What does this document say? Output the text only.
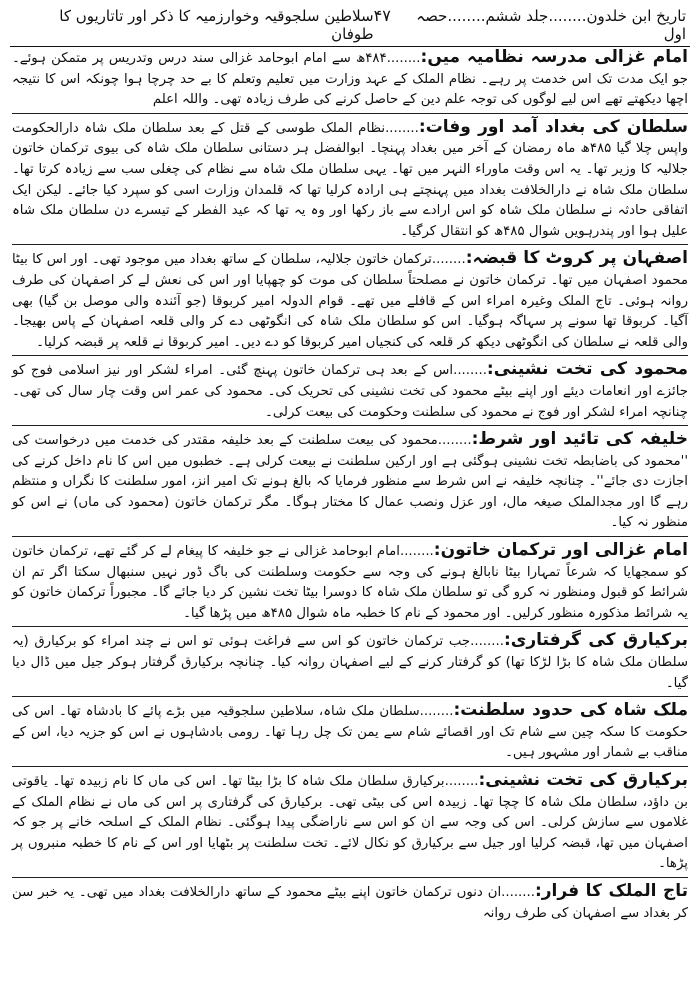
تاریخ ابن خلدون........جلد ششم........حصہ اول
۴۷
سلاطین سلجوقیہ وخوارزمیہ کا ذکر اور تاتاریوں کا طوفان

امام غزالی مدرسہ نظامیہ میں:........۴۸۴ھ سے امام ابوحامد غزالی سند درس وتدریس پر متمکن ہوئے۔ جو ایک مدت تک اس خدمت پر رہے۔ نظام الملک کے عہد وزارت میں تعلیم وتعلم کا بے حد چرچا ہوا چونکہ اس کا نتیجہ اچھا دیکھتے تھے اس لیے لوگوں کی توجہ علم دین کے حاصل کرنے کی طرف زیادہ تھی۔ واللہ اعلم

سلطان کی بغداد آمد اور وفات:........نظام الملک طوسی کے قتل کے بعد سلطان ملک شاہ دارالحکومت واپس چلا گیا ۴۸۵ھ ماہ رمضان کے آخر میں بغداد پہنچا۔ ابوالفضل ہر دستانی سلطان ملک شاہ کی بیوی ترکمان خاتون جلالیہ کا وزیر تھا۔ یہ اس وقت ماوراء النہر میں تھا۔ یہی سلطان ملک شاہ سے نظام کی چغلی سب سے زیادہ کرتا تھا۔ سلطان ملک شاہ نے دارالخلافت بغداد میں پہنچتے ہی ارادہ کرلیا تھا کہ قلمدان وزارت اسی کو سپرد کیا جائے۔ لیکن ایک اتفاقی حادثہ نے سلطان ملک شاہ کو اس ارادے سے باز رکھا اور وہ یہ تھا کہ عید الفطر کے تیسرے دن سلطان ملک شاہ علیل ہوا اور پندرہویں شوال ۴۸۵ھ کو انتقال کرگیا۔

اصفہان پر کروٹ کا قبضہ:........ترکمان خاتون جلالیہ، سلطان کے ساتھ بغداد میں موجود تھی۔ اور اس کا بیٹا محمود اصفہان میں تھا۔ ترکمان خاتون نے مصلحتاً سلطان کی موت کو چھپایا اور اس کی نعش لے کر اصفہان کی طرف روانہ ہوئی۔ تاج الملک وغیرہ امراء اس کے قافلے میں تھے۔ قوام الدولہ امیر کربوقا (جو آئندہ والی موصل بن گیا) بھی آگیا۔ کربوقا تھا سونے پر سہاگہ ہوگیا۔ اس کو سلطان ملک شاہ کی انگوٹھی دے کر والی قلعہ اصفہان کے پاس بھیجا۔ والی قلعہ نے سلطان کی انگوٹھی دیکھ کر قلعہ کی کنجیاں امیر کربوقا کو دے دیں۔ امیر کربوقا نے قلعہ پر قبضہ کرلیا۔

محمود کی تخت نشینی:........اس کے بعد ہی ترکمان خاتون پہنچ گئی۔ امراء لشکر اور نیز اسلامی فوج کو جائزے اور انعامات دیئے اور اپنے بیٹے محمود کی تخت نشینی کی تحریک کی۔ محمود کی عمر اس وقت چار سال کی تھی۔ چنانچہ امراء لشکر اور فوج نے محمود کی سلطنت وحکومت کی بیعت کرلی۔

خلیفہ کی تائید اور شرط:........محمود کی بیعت سلطنت کے بعد خلیفہ مقتدر کی خدمت میں درخواست کی ''محمود کی باضابطہ تخت نشینی ہوگئی ہے اور ارکین سلطنت نے بیعت کرلی ہے۔ خطبوں میں اس کا نام داخل کرنے کی اجازت دی جائے''۔ چنانچہ خلیفہ نے اس شرط سے منظور فرمایا کہ بالغ ہونے تک امیر انز، امور سلطنت کا نگراں و منتظم رہے گا اور مجدالملک صیغہ مال، اور عزل ونصب عمال کا مختار ہوگا۔ مگر ترکمان خاتون (محمود کی ماں) نے اس کو منظور نہ کیا۔

امام غزالی اور ترکمان خاتون:........امام ابوحامد غزالی نے جو خلیفہ کا پیغام لے کر گئے تھے، ترکمان خاتون کو سمجھایا کہ شرعاً تمہارا بیٹا نابالغ ہونے کی وجہ سے حکومت وسلطنت کی باگ ڈور نہیں سنبھال سکتا اگر تم ان شرائط کو قبول ومنظور نہ کرو گی تو سلطان ملک شاہ کا دوسرا بیٹا تخت نشین کر دیا جائے گا۔ مجبوراً ترکمان خاتون کو یہ شرائط مذکورہ منظور کرلیں۔ اور محمود کے نام کا خطبہ ماہ شوال ۴۸۵ھ میں پڑھا گیا۔

برکیارق کی گرفتاری:........جب ترکمان خاتون کو اس سے فراغت ہوئی تو اس نے چند امراء کو برکیارق (یہ سلطان ملک شاہ کا بڑا لڑکا تھا) کو گرفتار کرنے کے لیے اصفہان روانہ کیا۔ چنانچہ برکیارق گرفتار ہوکر جیل میں ڈال دیا گیا۔

ملک شاہ کی حدود سلطنت:........سلطان ملک شاہ، سلاطین سلجوقیہ میں بڑے پائے کا بادشاہ تھا۔ اس کی حکومت کا سکہ چین سے شام تک اور اقصائے شام سے یمن تک چل رہا تھا۔ رومی بادشاہوں نے اس کو جزیہ دیا، اس کے مناقب بے شمار اور مشہور ہیں۔

برکیارق کی تخت نشینی:........برکیارق سلطان ملک شاہ کا بڑا بیٹا تھا۔ اس کی ماں کا نام زبیدہ تھا۔ یاقوتی بن داؤد، سلطان ملک شاہ کا چچا تھا۔ زبیدہ اس کی بیٹی تھی۔ برکیارق کی گرفتاری پر اس کی ماں نے نظام الملک کے غلاموں سے سازش کرلی۔ اس کی وجہ سے ان کو اس سے ناراضگی پیدا ہوگئی۔ نظام الملک کے اسلحہ خانے پر جو کہ اصفہان میں تھا، قبضہ کرلیا اور جیل سے برکیارق کو نکال لائے۔ تخت سلطنت پر بٹھایا اور اس کے نام کا خطبہ منبروں پر پڑھا۔

تاج الملک کا فرار:........ان دنوں ترکمان خاتون اپنے بیٹے محمود کے ساتھ دارالخلافت بغداد میں تھی۔ یہ خبر سن کر بغداد سے اصفہان کی طرف روانہ
